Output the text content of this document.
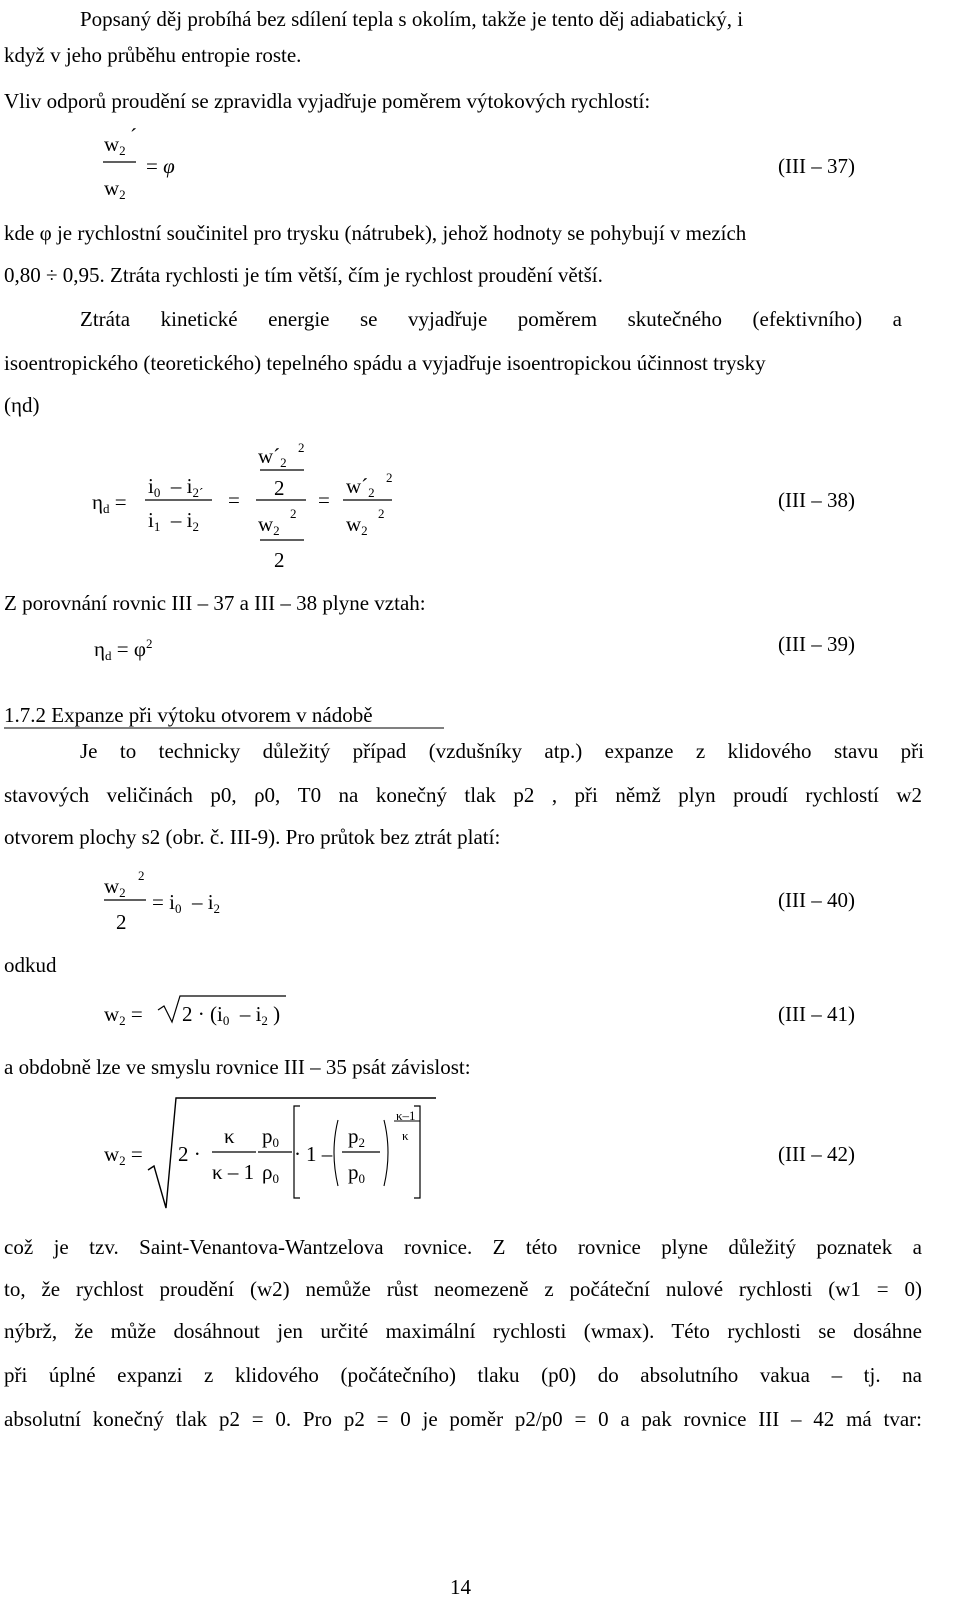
Popsaný děj probíhá bez sdílení tepla s okolím, takže je tento děj adiabatický, i
když v jeho průběhu entropie roste.
Vliv odporů proudění se zpravidla vyjadřuje poměrem výtokových rychlostí:
$w_2$
´
$w_2$
= φ	(III – 37)
kde φ je rychlostní součinitel pro trysku (nátrubek), jehož hodnoty se pohybují v mezích
0,80 ÷ 0,95. Ztráta rychlosti je tím větší, čím je rychlost proudění větší.
Ztráta kinetické energie se vyjadřuje poměrem skutečného (efektivního) a
isoentropického (teoretického) tepelného spádu a vyjadřuje isoentropickou účinnost trysky
(ηd)
$\eta_d$ =
$i_0 - i_{2´}$
$i_1 - i_2$
=
$w´_2$
2
2
$w_2$
2
2
=
$w´_2$
2
$w_2$
2
(III – 38)
Z porovnání rovnic III – 37 a III – 38 plyne vztah:
$\eta_d = \varphi^2$	(III – 39)
1.7.2 Expanze při výtoku otvorem v nádobě
Je to technicky důležitý případ (vzdušníky atp.) expanze z klidového stavu při
stavových veličinách p0, ρ0, T0 na konečný tlak p2 , při němž plyn proudí rychlostí w2
otvorem plochy s2 (obr. č. III-9). Pro průtok bez ztrát platí:
$w_2$
2
2
= $i_0 - i_2$	(III – 40)
odkud
$w_2 = 2 \cdot (i_0 - i_2$ )	(III – 41)
a obdobně lze ve smyslu rovnice III – 35 psát závislost:
$w_2 = 2$ ·
κ
κ – 1
$p_0$
$\rho_0$
· 1 –
$p_2$
$p_0$
κ–1
κ
(III – 42)
což je tzv. Saint-Venantova-Wantzelova rovnice. Z této rovnice plyne důležitý poznatek a
to, že rychlost proudění (w2) nemůže růst neomezeně z počáteční nulové rychlosti (w1 = 0)
nýbrž, že může dosáhnout jen určité maximální rychlosti (wmax). Této rychlosti se dosáhne
při úplné expanzi z klidového (počátečního) tlaku (p0) do absolutního vakua – tj. na
absolutní konečný tlak p2 = 0. Pro p2 = 0 je poměr p2/p0 = 0 a pak rovnice III – 42 má tvar:
14
